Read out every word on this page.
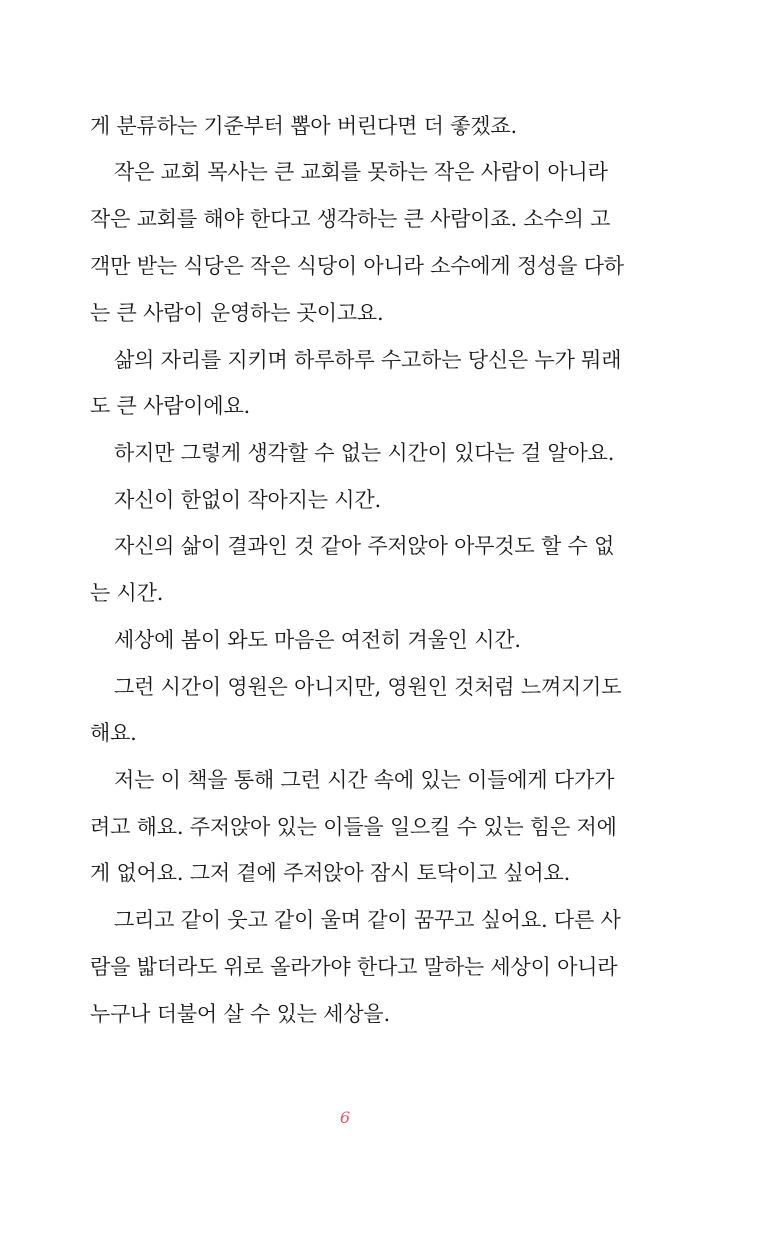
게 분류하는 기준부터 뽑아 버린다면 더 좋겠죠.
작은 교회 목사는 큰 교회를 못하는 작은 사람이 아니라
작은 교회를 해야 한다고 생각하는 큰 사람이죠. 소수의 고
객만 받는 식당은 작은 식당이 아니라 소수에게 정성을 다하
는 큰 사람이 운영하는 곳이고요.
삶의 자리를 지키며 하루하루 수고하는 당신은 누가 뭐래
도 큰 사람이에요.
하지만 그렇게 생각할 수 없는 시간이 있다는 걸 알아요.
자신이 한없이 작아지는 시간.
자신의 삶이 결과인 것 같아 주저앉아 아무것도 할 수 없
는 시간.
세상에 봄이 와도 마음은 여전히 겨울인 시간.
그런 시간이 영원은 아니지만, 영원인 것처럼 느껴지기도
해요.
저는 이 책을 통해 그런 시간 속에 있는 이들에게 다가가
려고 해요. 주저앉아 있는 이들을 일으킬 수 있는 힘은 저에
게 없어요. 그저 곁에 주저앉아 잠시 토닥이고 싶어요.
그리고 같이 웃고 같이 울며 같이 꿈꾸고 싶어요. 다른 사
람을 밟더라도 위로 올라가야 한다고 말하는 세상이 아니라
누구나 더불어 살 수 있는 세상을.
6
